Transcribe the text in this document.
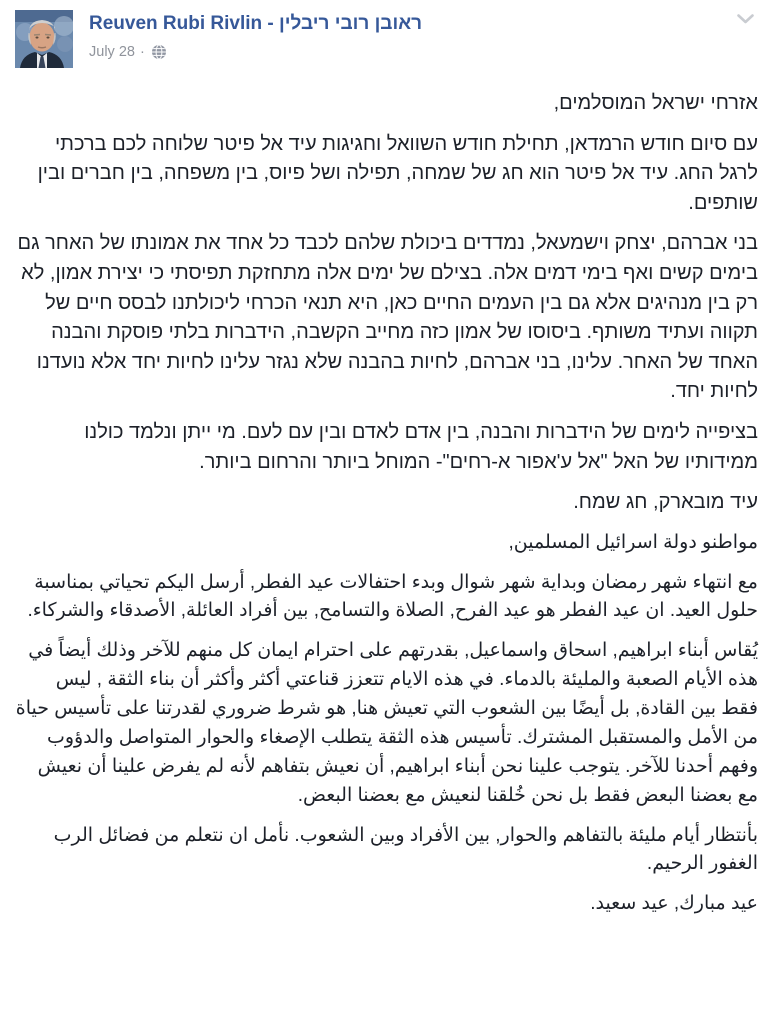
Reuven Rubi Rivlin - ראובן רובי ריבלין
July 28 ·

אזרחי ישראל המוסלמים,

עם סיום חודש הרמדאן, תחילת חודש השוואל וחגיגות עיד אל פיטר שלוחה לכם ברכתי לרגל החג. עיד אל פיטר הוא חג של שמחה, תפילה ושל פיוס, בין משפחה, בין חברים ובין שותפים.

בני אברהם, יצחק וישמעאל, נמדדים ביכולת שלהם לכבד כל אחד את אמונתו של האחר גם בימים קשים ואף בימי דמים אלה. בצילם של ימים אלה מתחזקת תפיסתי כי יצירת אמון, לא רק בין מנהיגים אלא גם בין העמים החיים כאן, היא תנאי הכרחי ליכולתנו לבסס חיים של תקווה ועתיד משותף. ביסוסו של אמון כזה מחייב הקשבה, הידברות בלתי פוסקת והבנה האחד של האחר. עלינו, בני אברהם, לחיות בהבנה שלא נגזר עלינו לחיות יחד אלא נועדנו לחיות יחד.

בציפייה לימים של הידברות והבנה, בין אדם לאדם ובין עם לעם. מי ייתן ונלמד כולנו ממידותיו של האל "אל ע'אפור א-רחים"- המוחל ביותר והרחום ביותר.

עיד מובארק, חג שמח.

مواطنو دولة اسرائيل المسلمين,

مع انتهاء شهر رمضان وبداية شهر شوال وبدء احتفالات عيد الفطر, أرسل اليكم تحياتي بمناسبة حلول العيد. ان عيد الفطر هو عيد الفرح, الصلاة والتسامح, بين أفراد العائلة, الأصدقاء والشركاء.

يُقاس أبناء ابراهيم, اسحاق واسماعيل, بقدرتهم على احترام ايمان كل منهم للآخر وذلك أيضاً في هذه الأيام الصعبة والمليئة بالدماء. في هذه الايام تتعزز قناعتي أكثر وأكثر أن بناء الثقة , ليس فقط بين القادة, بل أيضًا بين الشعوب التي تعيش هنا, هو شرط ضروري لقدرتنا على تأسيس حياة من الأمل والمستقبل المشترك. تأسيس هذه الثقة يتطلب الإصغاء والحوار المتواصل والدؤوب وفهم أحدنا للآخر. يتوجب علينا نحن أبناء ابراهيم, أن نعيش بتفاهم لأنه لم يفرض علينا أن نعيش مع بعضنا البعض فقط بل نحن خُلقنا لنعيش مع بعضنا البعض.

بأنتظار أيام مليئة بالتفاهم والحوار, بين الأفراد وبين الشعوب. نأمل ان نتعلم من فضائل الرب الغفور الرحيم.

عيد مبارك, عيد سعيد.
